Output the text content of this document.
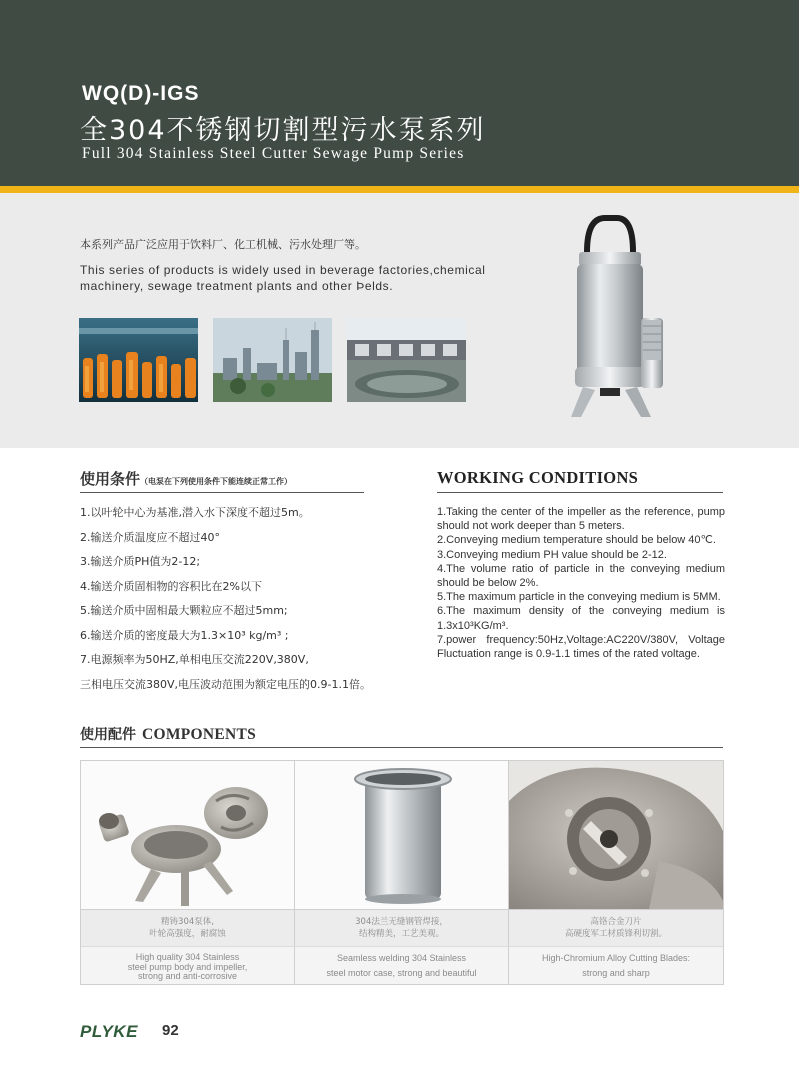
WQ(D)-IGS
全304不锈钢切割型污水泵系列
Full 304 Stainless Steel Cutter Sewage Pump Series
本系列产品广泛应用于饮料厂、化工机械、污水处理厂等。
This series of products is widely used in beverage factories,chemical machinery, sewage treatment plants and other Þelds.
使用条件（电泵在下列使用条件下能连续正常工作）	WORKING CONDITIONS
1.以叶轮中心为基准,潜入水下深度不超过5m。
2.输送介质温度应不超过40°
3.输送介质PH值为2-12;
4.输送介质固相物的容积比在2%以下
5.输送介质中固相最大颗粒应不超过5mm;
6.输送介质的密度最大为1.3×10³ kg/m³ ;
7.电源频率为50HZ,单相电压交流220V,380V,
三相电压交流380V,电压波动范围为额定电压的0.9-1.1倍。
1.Taking the center of the impeller as the reference, pump should not work deeper than 5 meters.
2.Conveying medium temperature should be below 40℃.
3.Conveying medium PH value should be 2-12.
4.The volume ratio of particle in the conveying medium should be below 2%.
5.The maximum particle in the conveying medium is 5MM.
6.The maximum density of the conveying medium is 1.3x10³KG/m³.
7.power frequency:50Hz,Voltage:AC220V/380V, Voltage Fluctuation range is 0.9-1.1 times of the rated voltage.
使用配件 COMPONENTS
精铸304泵体,
叶轮高强度，耐腐蚀
High quality 304 Stainless
steel pump body and impeller,
strong and anti-corrosive
304法兰无缝钢管焊接，
结构精美，工艺美观。
Seamless welding 304 Stainless
steel motor case, strong and beautiful
高铬合金刀片
高硬度军工材质锋利切割。
High-Chromium Alloy Cutting Blades:
strong and sharp
PLYKE 92
